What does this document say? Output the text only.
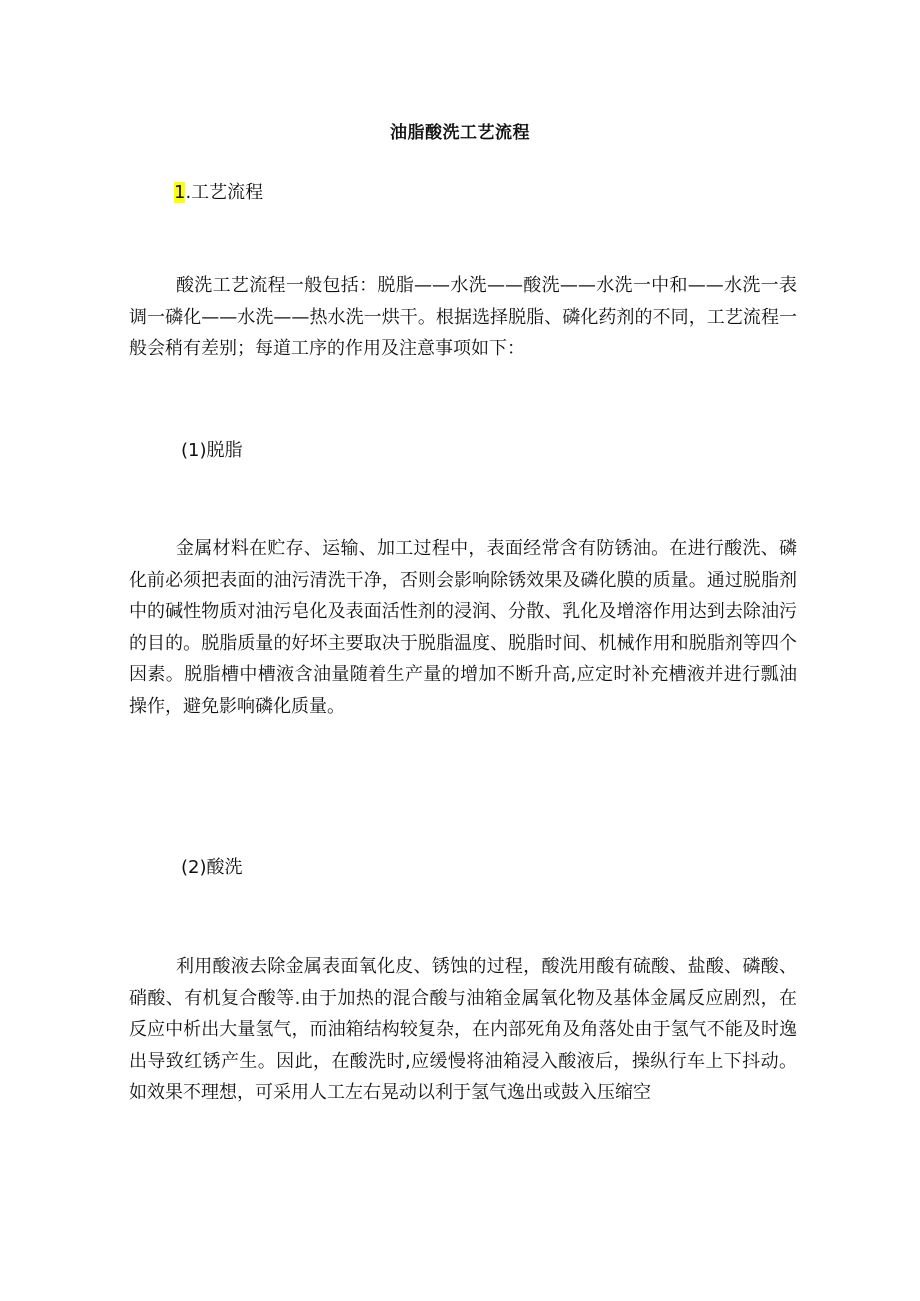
油脂酸洗工艺流程
1.工艺流程

酸洗工艺流程一般包括：脱脂——水洗——酸洗——水洗一中和——水洗一表调一磷化——水洗——热水洗一烘干。根据选择脱脂、磷化药剂的不同，工艺流程一般会稍有差别；每道工序的作用及注意事项如下：

(1)脱脂

金属材料在贮存、运输、加工过程中，表面经常含有防锈油。在进行酸洗、磷化前必须把表面的油污清洗干净，否则会影响除锈效果及磷化膜的质量。通过脱脂剂中的碱性物质对油污皂化及表面活性剂的浸润、分散、乳化及增溶作用达到去除油污的目的。脱脂质量的好坏主要取决于脱脂温度、脱脂时间、机械作用和脱脂剂等四个因素。脱脂槽中槽液含油量随着生产量的增加不断升高,应定时补充槽液并进行瓢油操作，避免影响磷化质量。

(2)酸洗

利用酸液去除金属表面氧化皮、锈蚀的过程，酸洗用酸有硫酸、盐酸、磷酸、硝酸、有机复合酸等.由于加热的混合酸与油箱金属氧化物及基体金属反应剧烈，在反应中析出大量氢气，而油箱结构较复杂，在内部死角及角落处由于氢气不能及时逸出导致红锈产生。因此，在酸洗时,应缓慢将油箱浸入酸液后，操纵行车上下抖动。如效果不理想，可采用人工左右晃动以利于氢气逸出或鼓入压缩空
